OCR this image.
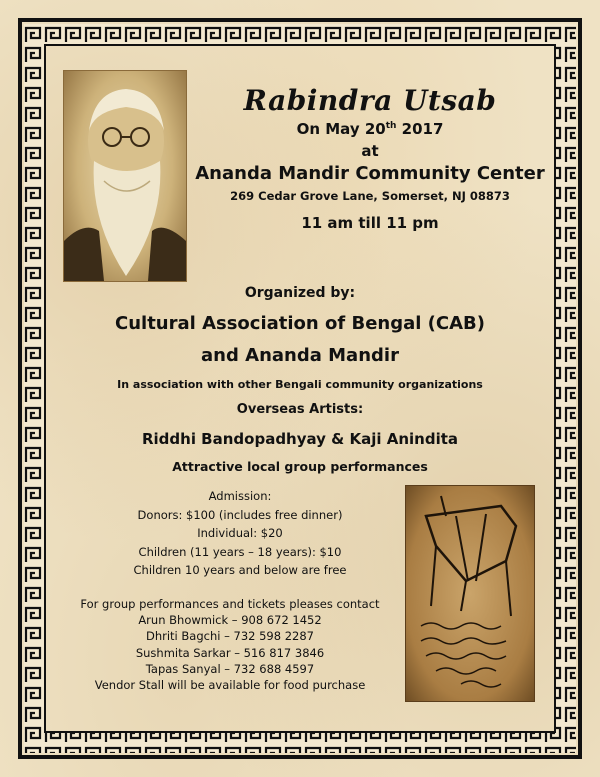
Rabindra Utsab
On May 20th 2017
at
Ananda Mandir Community Center
269 Cedar Grove Lane, Somerset, NJ 08873
11 am till 11 pm
Organized by:
Cultural Association of Bengal (CAB)
and Ananda Mandir
In association with other Bengali community organizations
Overseas Artists:
Riddhi Bandopadhyay & Kaji Anindita
Attractive local group performances
Admission:
Donors: $100 (includes free dinner)
Individual: $20
Children (11 years – 18 years): $10
Children 10 years and below are free
For group performances and tickets pleases contact
Arun Bhowmick – 908 672 1452
Dhriti Bagchi – 732 598 2287
Sushmita Sarkar – 516 817 3846
Tapas Sanyal – 732 688 4597
Vendor Stall will be available for food purchase
